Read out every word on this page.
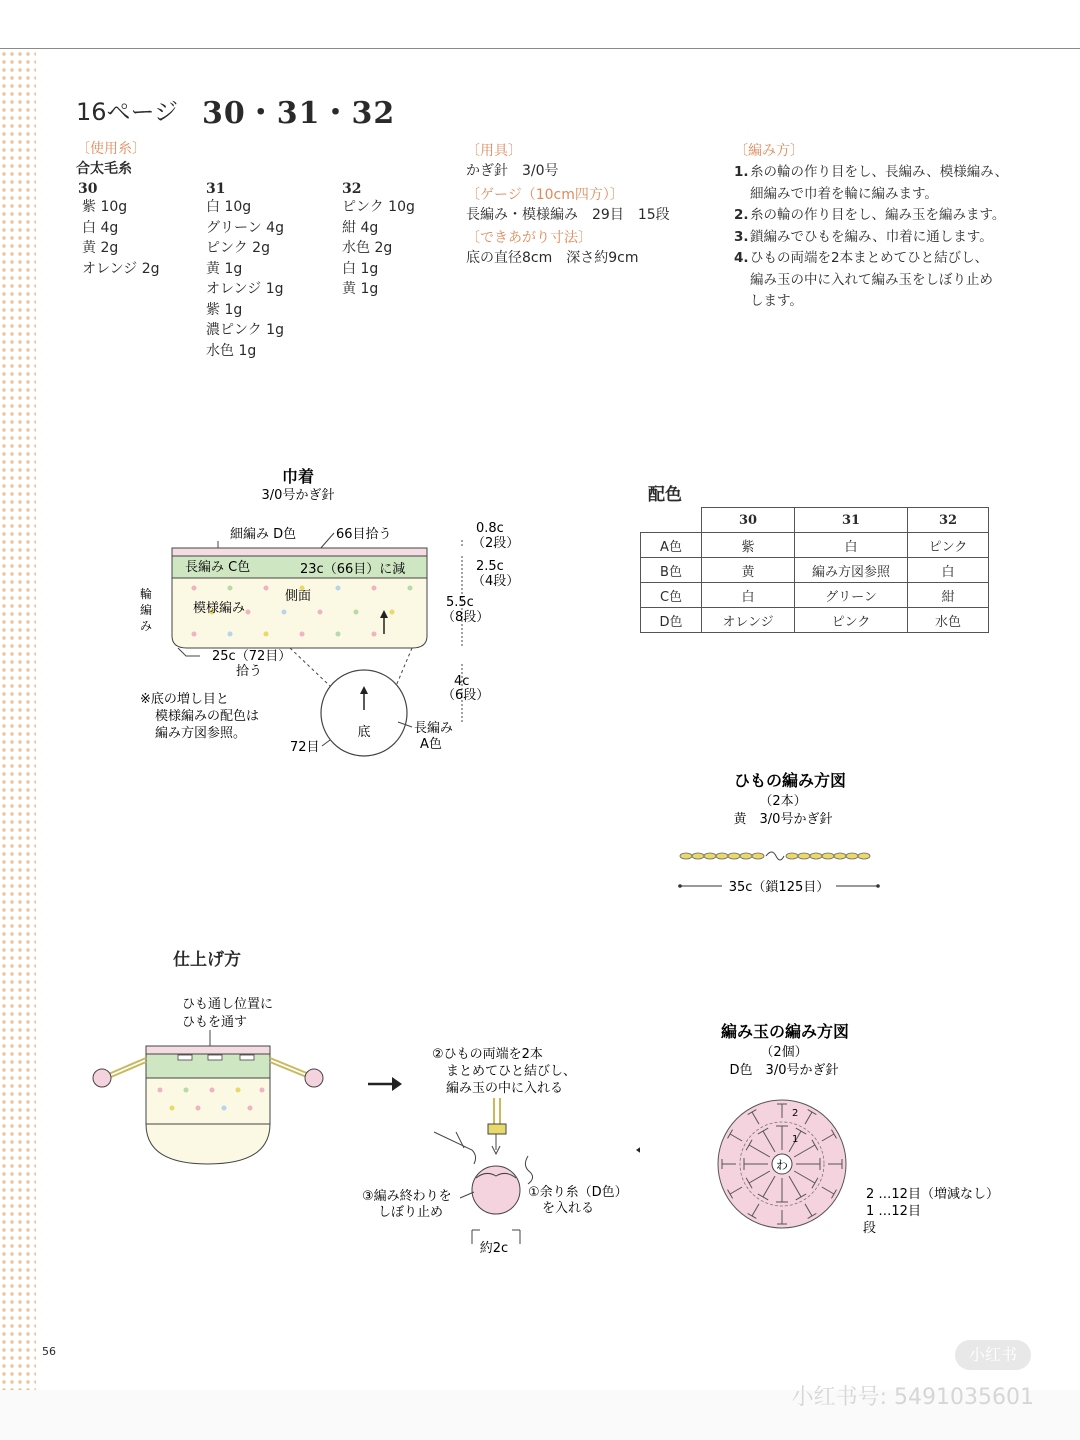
16ページ 30・31・32
〔使用糸〕
合太毛糸
30
紫 10g
白 4g
黄 2g
オレンジ 2g
31
白 10g
グリーン 4g
ピンク 2g
黄 1g
オレンジ 1g
紫 1g
濃ピンク 1g
水色 1g
32
ピンク 10g
紺 4g
水色 2g
白 1g
黄 1g
〔用具〕
かぎ針　3/0号
〔ゲージ（10cm四方）〕
長編み・模様編み　29目　15段
〔できあがり寸法〕
底の直径8cm　深さ約9cm
〔編み方〕
1.糸の輪の作り目をし、長編み、模様編み、
細編みで巾着を輪に編みます。
2.糸の輪の作り目をし、編み玉を編みます。
3.鎖編みでひもを編み、巾着に通します。
4.ひもの両端を2本まとめてひと結びし、
編み玉の中に入れて編み玉をしぼり止め
します。
巾着
3/0号かぎ針
細編み D色	66目拾う
長編み C色	23c（66目）に減
側面
模様編み
輪
編
み
0.8c
（2段）
2.5c
（4段）
5.5c
（8段）
4c
（6段）
25c（72目）
拾う
底
72目
長編み
A色
※底の増し目と
模様編みの配色は
編み方図参照。
配色
	30	31	32
A色	紫	白	ピンク
B色	黄	編み方図参照	白
C色	白	グリーン	紺
D色	オレンジ	ピンク	水色
ひもの編み方図
（2本）
黄　3/0号かぎ針
35c（鎖125目）
仕上げ方
ひも通し位置に
ひもを通す
②ひもの両端を2本
まとめてひと結びし、
編み玉の中に入れる
③編み終わりを
しぼり止め
①余り糸（D色）
を入れる
約2c
編み玉の編み方図
（2個）
D色　3/0号かぎ針
わ
2
1
2 …12目（増減なし）
1 …12目
段
56	小红书
小红书号: 5491035601
